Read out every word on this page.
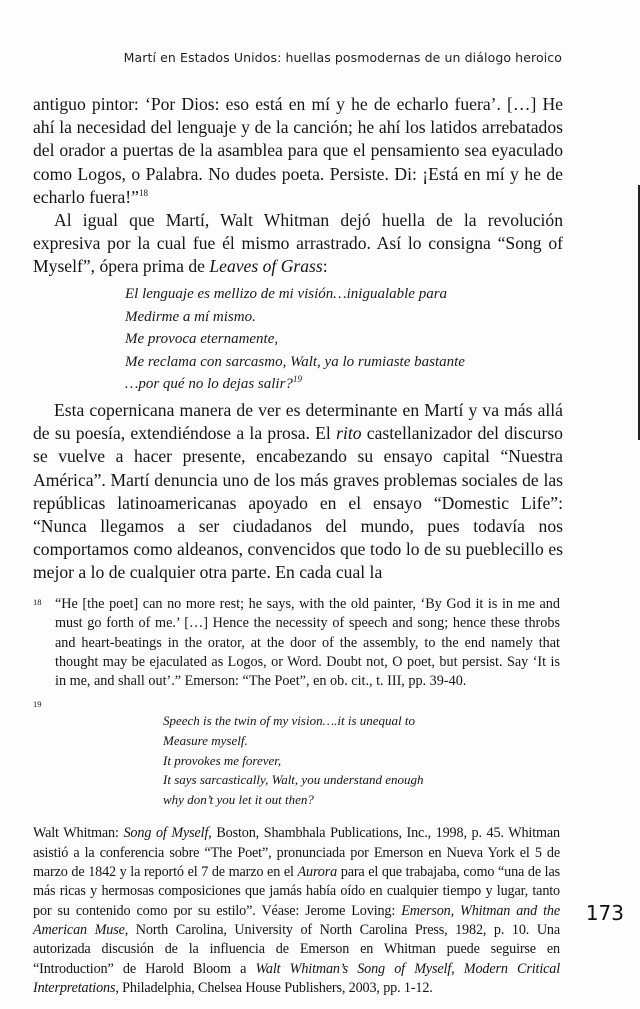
Martí en Estados Unidos: huellas posmodernas de un diálogo heroico

antiguo pintor: ‘Por Dios: eso está en mí y he de echarlo fuera’. […] He ahí la necesidad del lenguaje y de la canción; he ahí los latidos arrebatados del orador a puertas de la asamblea para que el pensamiento sea eyaculado como Logos, o Palabra. No dudes poeta. Persiste. Di: ¡Está en mí y he de echarlo fuera!”$^{18}$

Al igual que Martí, Walt Whitman dejó huella de la revolución expresiva por la cual fue él mismo arrastrado. Así lo consigna “Song of Myself”, ópera prima de Leaves of Grass:

El lenguaje es mellizo de mi visión…inigualable para
Medirme a mí mismo.
Me provoca eternamente,
Me reclama con sarcasmo, Walt, ya lo rumiaste bastante
…por qué no lo dejas salir?$^{19}$

Esta copernicana manera de ver es determinante en Martí y va más allá de su poesía, extendiéndose a la prosa. El rito castellanizador del discurso se vuelve a hacer presente, encabezando su ensayo capital “Nuestra América”. Martí denuncia uno de los más graves problemas sociales de las repúblicas latinoamericanas apoyado en el ensayo “Domestic Life”: “Nunca llegamos a ser ciudadanos del mundo, pues todavía nos comportamos como aldeanos, convencidos que todo lo de su pueblecillo es mejor a lo de cualquier otra parte. En cada cual la

18 “He [the poet] can no more rest; he says, with the old painter, ‘By God it is in me and must go forth of me.’ […] Hence the necessity of speech and song; hence these throbs and heart-beatings in the orator, at the door of the assembly, to the end namely that thought may be ejaculated as Logos, or Word. Doubt not, O poet, but persist. Say ‘It is in me, and shall out’.” Emerson: “The Poet”, en ob. cit., t. III, pp. 39-40.
19
Speech is the twin of my vision….it is unequal to
Measure myself.
It provokes me forever,
It says sarcastically, Walt, you understand enough
why don’t you let it out then?
Walt Whitman: Song of Myself, Boston, Shambhala Publications, Inc., 1998, p. 45. Whitman asistió a la conferencia sobre “The Poet”, pronunciada por Emerson en Nueva York el 5 de marzo de 1842 y la reportó el 7 de marzo en el Aurora para el que trabajaba, como “una de las más ricas y hermosas composiciones que jamás había oído en cualquier tiempo y lugar, tanto por su contenido como por su estilo”. Véase: Jerome Loving: Emerson, Whitman and the American Muse, North Carolina, University of North Carolina Press, 1982, p. 10. Una autorizada discusión de la influencia de Emerson en Whitman puede seguirse en “Introduction” de Harold Bloom a Walt Whitman’s Song of Myself, Modern Critical Interpretations, Philadelphia, Chelsea House Publishers, 2003, pp. 1-12.
173
